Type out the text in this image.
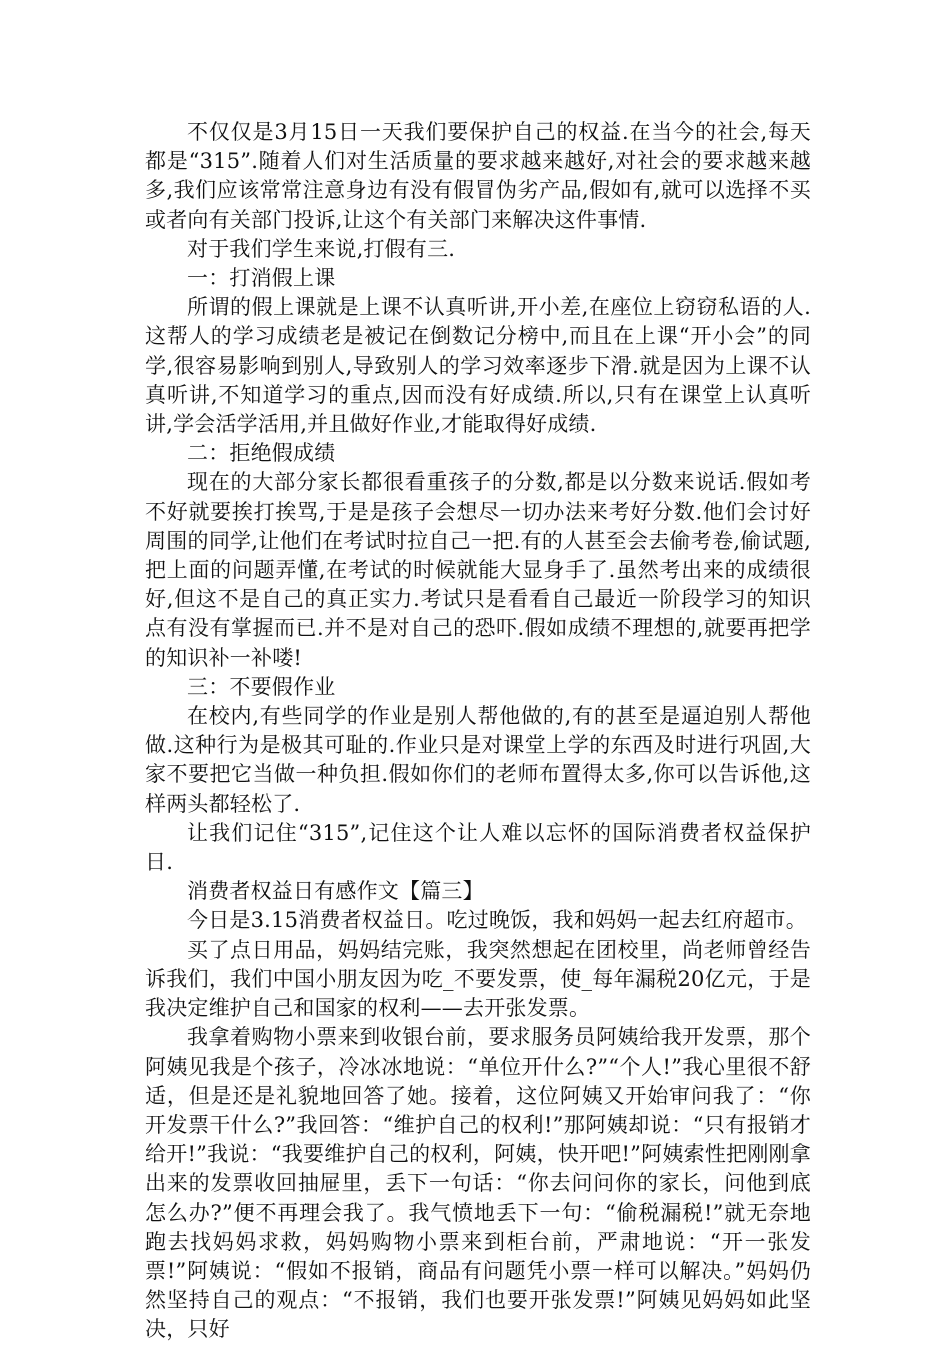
不仅仅是3月15日一天我们要保护自己的权益.在当今的社会,每天都是“315”.随着人们对生活质量的要求越来越好,对社会的要求越来越多,我们应该常常注意身边有没有假冒伪劣产品,假如有,就可以选择不买或者向有关部门投诉,让这个有关部门来解决这件事情.

对于我们学生来说,打假有三.

一：打消假上课

所谓的假上课就是上课不认真听讲,开小差,在座位上窃窃私语的人.这帮人的学习成绩老是被记在倒数记分榜中,而且在上课“开小会”的同学,很容易影响到别人,导致别人的学习效率逐步下滑.就是因为上课不认真听讲,不知道学习的重点,因而没有好成绩.所以,只有在课堂上认真听讲,学会活学活用,并且做好作业,才能取得好成绩.

二：拒绝假成绩

现在的大部分家长都很看重孩子的分数,都是以分数来说话.假如考不好就要挨打挨骂,于是是孩子会想尽一切办法来考好分数.他们会讨好周围的同学,让他们在考试时拉自己一把.有的人甚至会去偷考卷,偷试题,把上面的问题弄懂,在考试的时候就能大显身手了.虽然考出来的成绩很好,但这不是自己的真正实力.考试只是看看自己最近一阶段学习的知识点有没有掌握而已.并不是对自己的恐吓.假如成绩不理想的,就要再把学的知识补一补喽!

三：不要假作业

在校内,有些同学的作业是别人帮他做的,有的甚至是逼迫别人帮他做.这种行为是极其可耻的.作业只是对课堂上学的东西及时进行巩固,大家不要把它当做一种负担.假如你们的老师布置得太多,你可以告诉他,这样两头都轻松了.

让我们记住“315”,记住这个让人难以忘怀的国际消费者权益保护日.

消费者权益日有感作文【篇三】

今日是3.15消费者权益日。吃过晚饭，我和妈妈一起去红府超市。

买了点日用品，妈妈结完账，我突然想起在团校里，尚老师曾经告诉我们，我们中国小朋友因为吃_不要发票，使_每年漏税20亿元，于是我决定维护自己和国家的权利——去开张发票。

我拿着购物小票来到收银台前，要求服务员阿姨给我开发票，那个阿姨见我是个孩子，冷冰冰地说：“单位开什么?”“个人!”我心里很不舒适，但是还是礼貌地回答了她。接着，这位阿姨又开始审问我了：“你开发票干什么?”我回答：“维护自己的权利!”那阿姨却说：“只有报销才给开!”我说：“我要维护自己的权利，阿姨，快开吧!”阿姨索性把刚刚拿出来的发票收回抽屉里，丢下一句话：“你去问问你的家长，问他到底怎么办?”便不再理会我了。我气愤地丢下一句：“偷税漏税!”就无奈地跑去找妈妈求救，妈妈购物小票来到柜台前，严肃地说：“开一张发票!”阿姨说：“假如不报销，商品有问题凭小票一样可以解决。”妈妈仍然坚持自己的观点：“不报销，我们也要开张发票!”阿姨见妈妈如此坚决，只好
